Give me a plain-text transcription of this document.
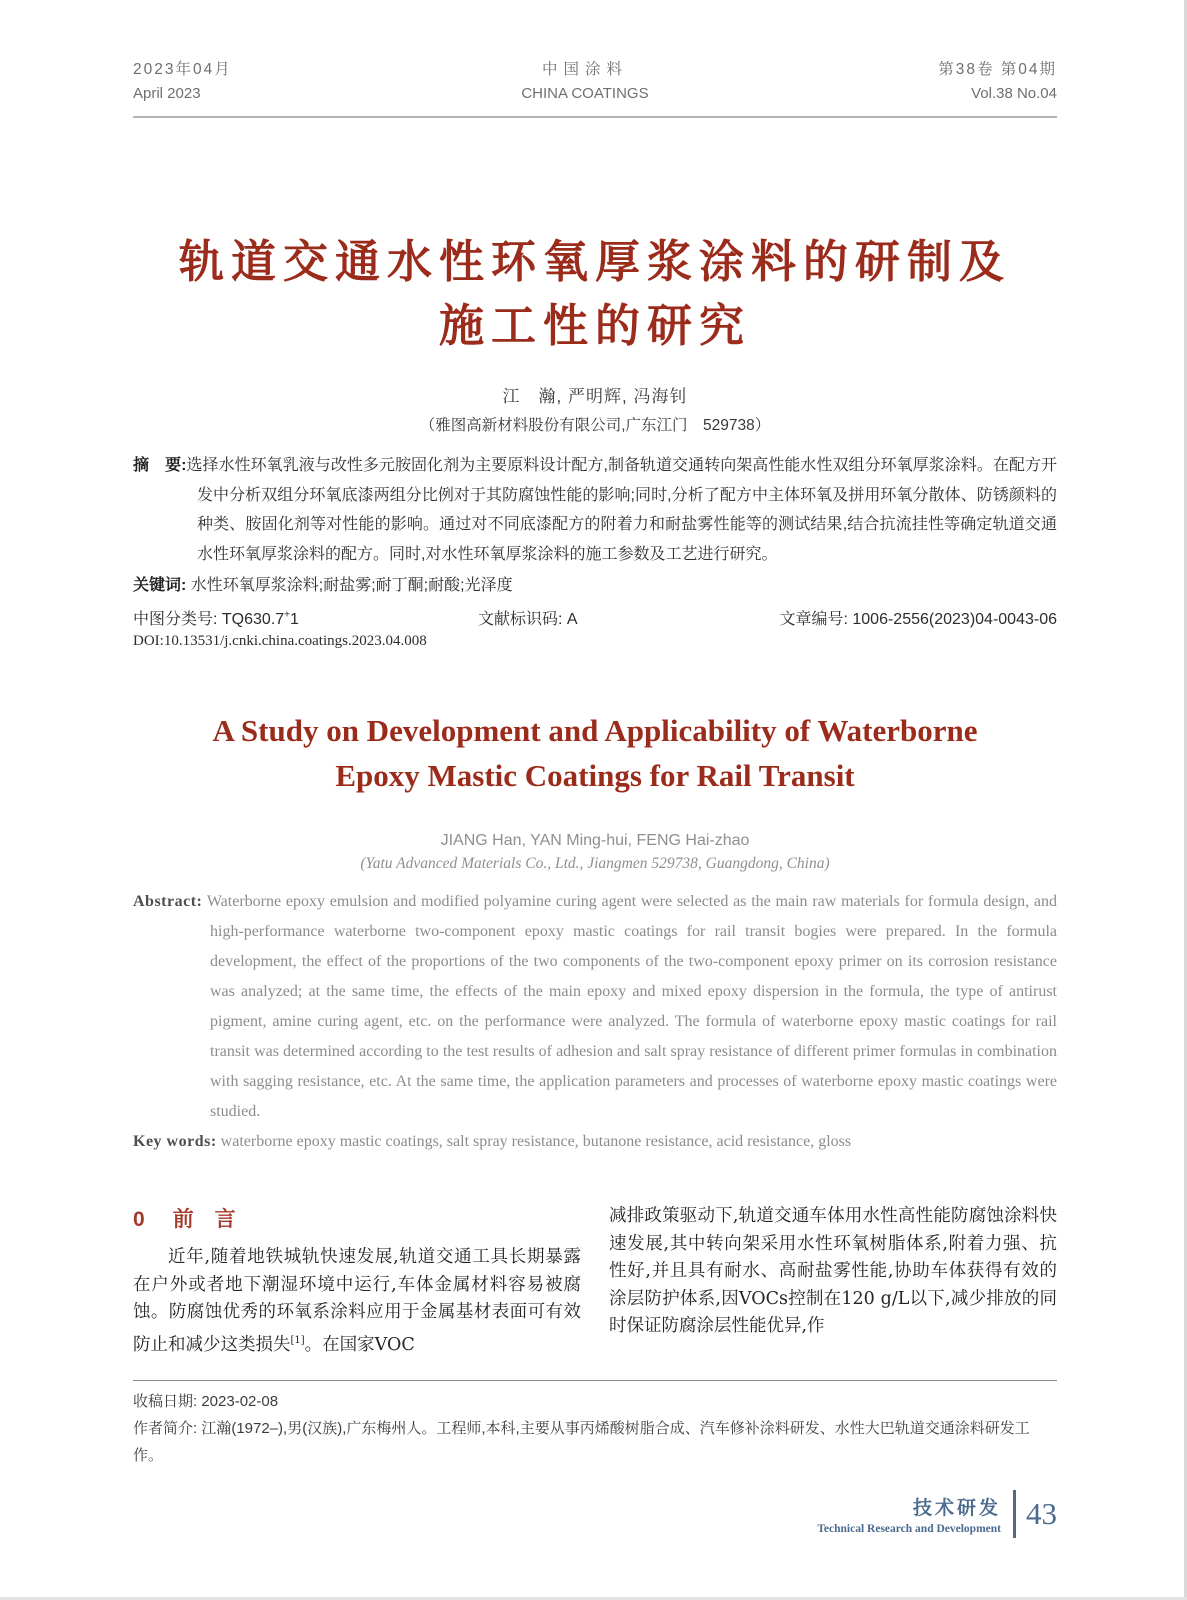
2023年04月
April 2023
中国涂料
CHINA COATINGS
第38卷 第04期
Vol.38 No.04
轨道交通水性环氧厚浆涂料的研制及
施工性的研究
江　瀚, 严明辉, 冯海钊
（雅图高新材料股份有限公司,广东江门　529738）
摘　要:选择水性环氧乳液与改性多元胺固化剂为主要原料设计配方,制备轨道交通转向架高性能水性双组分环氧厚浆涂料。在配方开发中分析双组分环氧底漆两组分比例对于其防腐蚀性能的影响;同时,分析了配方中主体环氧及拼用环氧分散体、防锈颜料的种类、胺固化剂等对性能的影响。通过对不同底漆配方的附着力和耐盐雾性能等的测试结果,结合抗流挂性等确定轨道交通水性环氧厚浆涂料的配方。同时,对水性环氧厚浆涂料的施工参数及工艺进行研究。
关键词: 水性环氧厚浆涂料;耐盐雾;耐丁酮;耐酸;光泽度
中图分类号: TQ630.7+1	文献标识码: A	文章编号: 1006-2556(2023)04-0043-06
DOI:10.13531/j.cnki.china.coatings.2023.04.008
A Study on Development and Applicability of Waterborne
Epoxy Mastic Coatings for Rail Transit
JIANG Han, YAN Ming-hui, FENG Hai-zhao
(Yatu Advanced Materials Co., Ltd., Jiangmen 529738, Guangdong, China)
Abstract: Waterborne epoxy emulsion and modified polyamine curing agent were selected as the main raw materials for formula design, and high-performance waterborne two-component epoxy mastic coatings for rail transit bogies were prepared. In the formula development, the effect of the proportions of the two components of the two-component epoxy primer on its corrosion resistance was analyzed; at the same time, the effects of the main epoxy and mixed epoxy dispersion in the formula, the type of antirust pigment, amine curing agent, etc. on the performance were analyzed. The formula of waterborne epoxy mastic coatings for rail transit was determined according to the test results of adhesion and salt spray resistance of different primer formulas in combination with sagging resistance, etc. At the same time, the application parameters and processes of waterborne epoxy mastic coatings were studied.
Key words: waterborne epoxy mastic coatings, salt spray resistance, butanone resistance, acid resistance, gloss
0 前　言
近年,随着地铁城轨快速发展,轨道交通工具长期暴露在户外或者地下潮湿环境中运行,车体金属材料容易被腐蚀。防腐蚀优秀的环氧系涂料应用于金属基材表面可有效防止和减少这类损失[1]。在国家VOC
减排政策驱动下,轨道交通车体用水性高性能防腐蚀涂料快速发展,其中转向架采用水性环氧树脂体系,附着力强、抗性好,并且具有耐水、高耐盐雾性能,协助车体获得有效的涂层防护体系,因VOCs控制在120 g/L以下,减少排放的同时保证防腐涂层性能优异,作
收稿日期: 2023-02-08
作者简介: 江瀚(1972–),男(汉族),广东梅州人。工程师,本科,主要从事丙烯酸树脂合成、汽车修补涂料研发、水性大巴轨道交通涂料研发工作。
技术研发
Technical Research and Development 43
